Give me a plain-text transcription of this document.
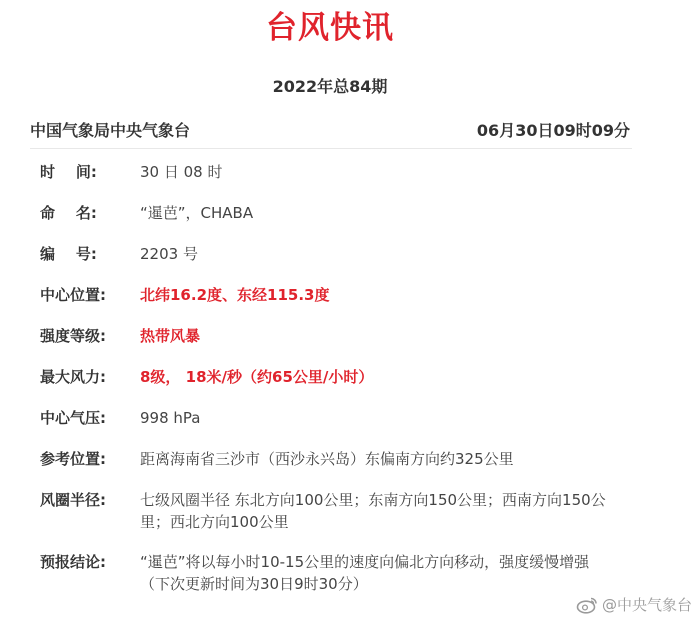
台风快讯
2022年总84期
中国气象局中央气象台	06月30日09时09分
时    间:	30 日 08 时
命    名:	“暹芭”，CHABA
编    号:	2203 号
中心位置: 北纬16.2度、东经115.3度
强度等级: 热带风暴
最大风力: 8级， 18米/秒（约65公里/小时）
中心气压: 998 hPa
参考位置: 距离海南省三沙市（西沙永兴岛）东偏南方向约325公里
风圈半径: 七级风圈半径 东北方向100公里；东南方向150公里；西南方向150公里；西北方向100公里
预报结论: “暹芭”将以每小时10-15公里的速度向偏北方向移动，强度缓慢增强
（下次更新时间为30日9时30分）
@中央气象台
